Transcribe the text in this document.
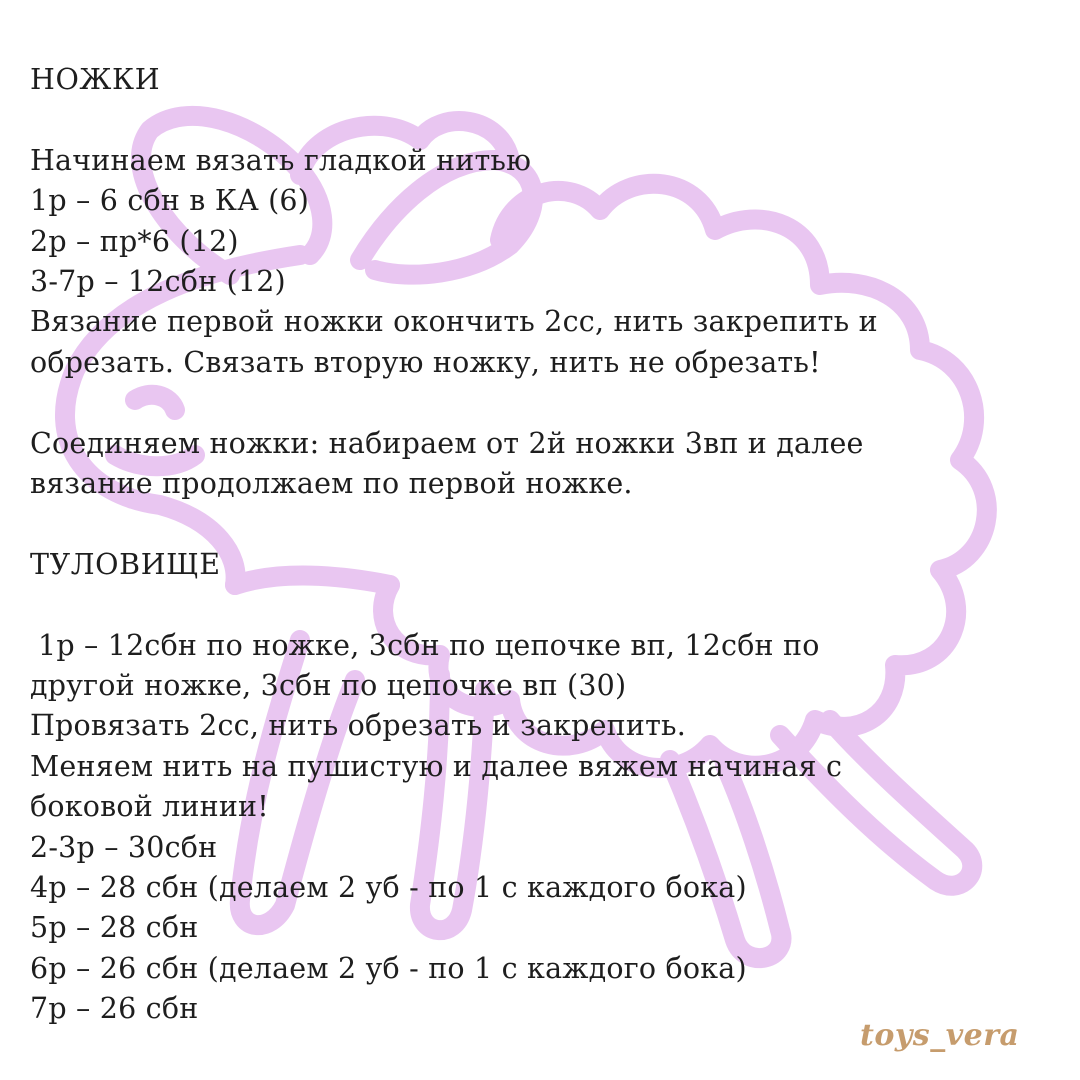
НОЖКИ
Начинаем вязать гладкой нитью
1р – 6 сбн в КА (6)
2р – пр*6 (12)
3-7р – 12сбн (12)
Вязание первой ножки окончить 2сс, нить закрепить и
обрезать. Связать вторую ножку, нить не обрезать!
Соединяем ножки: набираем от 2й ножки 3вп и далее
вязание продолжаем по первой ножке.
ТУЛОВИЩЕ
1р – 12сбн по ножке, 3сбн по цепочке вп, 12сбн по
другой ножке, 3сбн по цепочке вп (30)
Провязать 2сс, нить обрезать и закрепить.
Меняем нить на пушистую и далее вяжем начиная с
боковой линии!
2-3р – 30сбн
4р – 28 сбн (делаем 2 уб - по 1 с каждого бока)
5р – 28 сбн
6р – 26 сбн (делаем 2 уб - по 1 с каждого бока)
7р – 26 сбн
toys_vera
